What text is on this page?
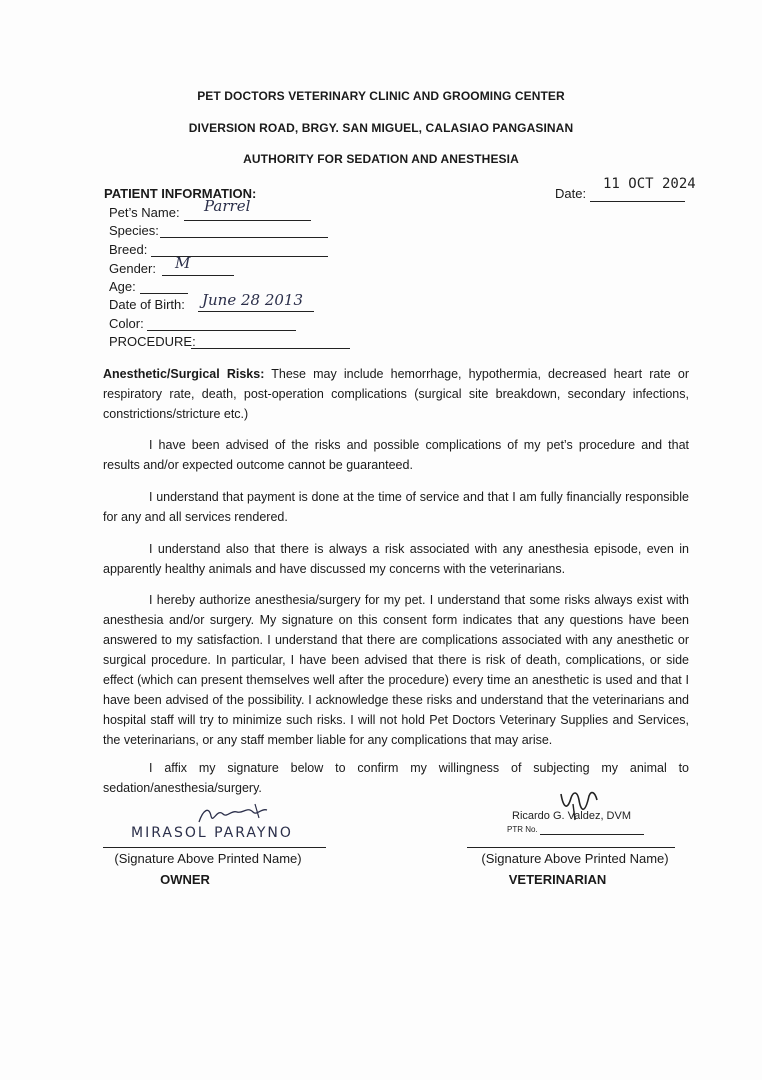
PET DOCTORS VETERINARY CLINIC AND GROOMING CENTER
DIVERSION ROAD, BRGY. SAN MIGUEL, CALASIAO PANGASINAN
AUTHORITY FOR SEDATION AND ANESTHESIA
PATIENT INFORMATION:	Date:
11 OCT 2024
Pet’s Name: Parrel
Species:
Breed:
Gender: M
Age:
Date of Birth: June 28 2013
Color:
PROCEDURE:
Anesthetic/Surgical Risks: These may include hemorrhage, hypothermia, decreased heart rate or respiratory rate, death, post-operation complications (surgical site breakdown, secondary infections, constrictions/stricture etc.)
I have been advised of the risks and possible complications of my pet’s procedure and that results and/or expected outcome cannot be guaranteed.
I understand that payment is done at the time of service and that I am fully financially responsible for any and all services rendered.
I understand also that there is always a risk associated with any anesthesia episode, even in apparently healthy animals and have discussed my concerns with the veterinarians.
I hereby authorize anesthesia/surgery for my pet. I understand that some risks always exist with anesthesia and/or surgery. My signature on this consent form indicates that any questions have been answered to my satisfaction. I understand that there are complications associated with any anesthetic or surgical procedure. In particular, I have been advised that there is risk of death, complications, or side effect (which can present themselves well after the procedure) every time an anesthetic is used and that I have been advised of the possibility. I acknowledge these risks and understand that the veterinarians and hospital staff will try to minimize such risks. I will not hold Pet Doctors Veterinary Supplies and Services, the veterinarians, or any staff member liable for any complications that may arise.
I affix my signature below to confirm my willingness of subjecting my animal to sedation/anesthesia/surgery.
MIRASOL PARAYNO
(Signature Above Printed Name)
OWNER
Ricardo G. Valdez, DVM
PTR No.
(Signature Above Printed Name)
VETERINARIAN
